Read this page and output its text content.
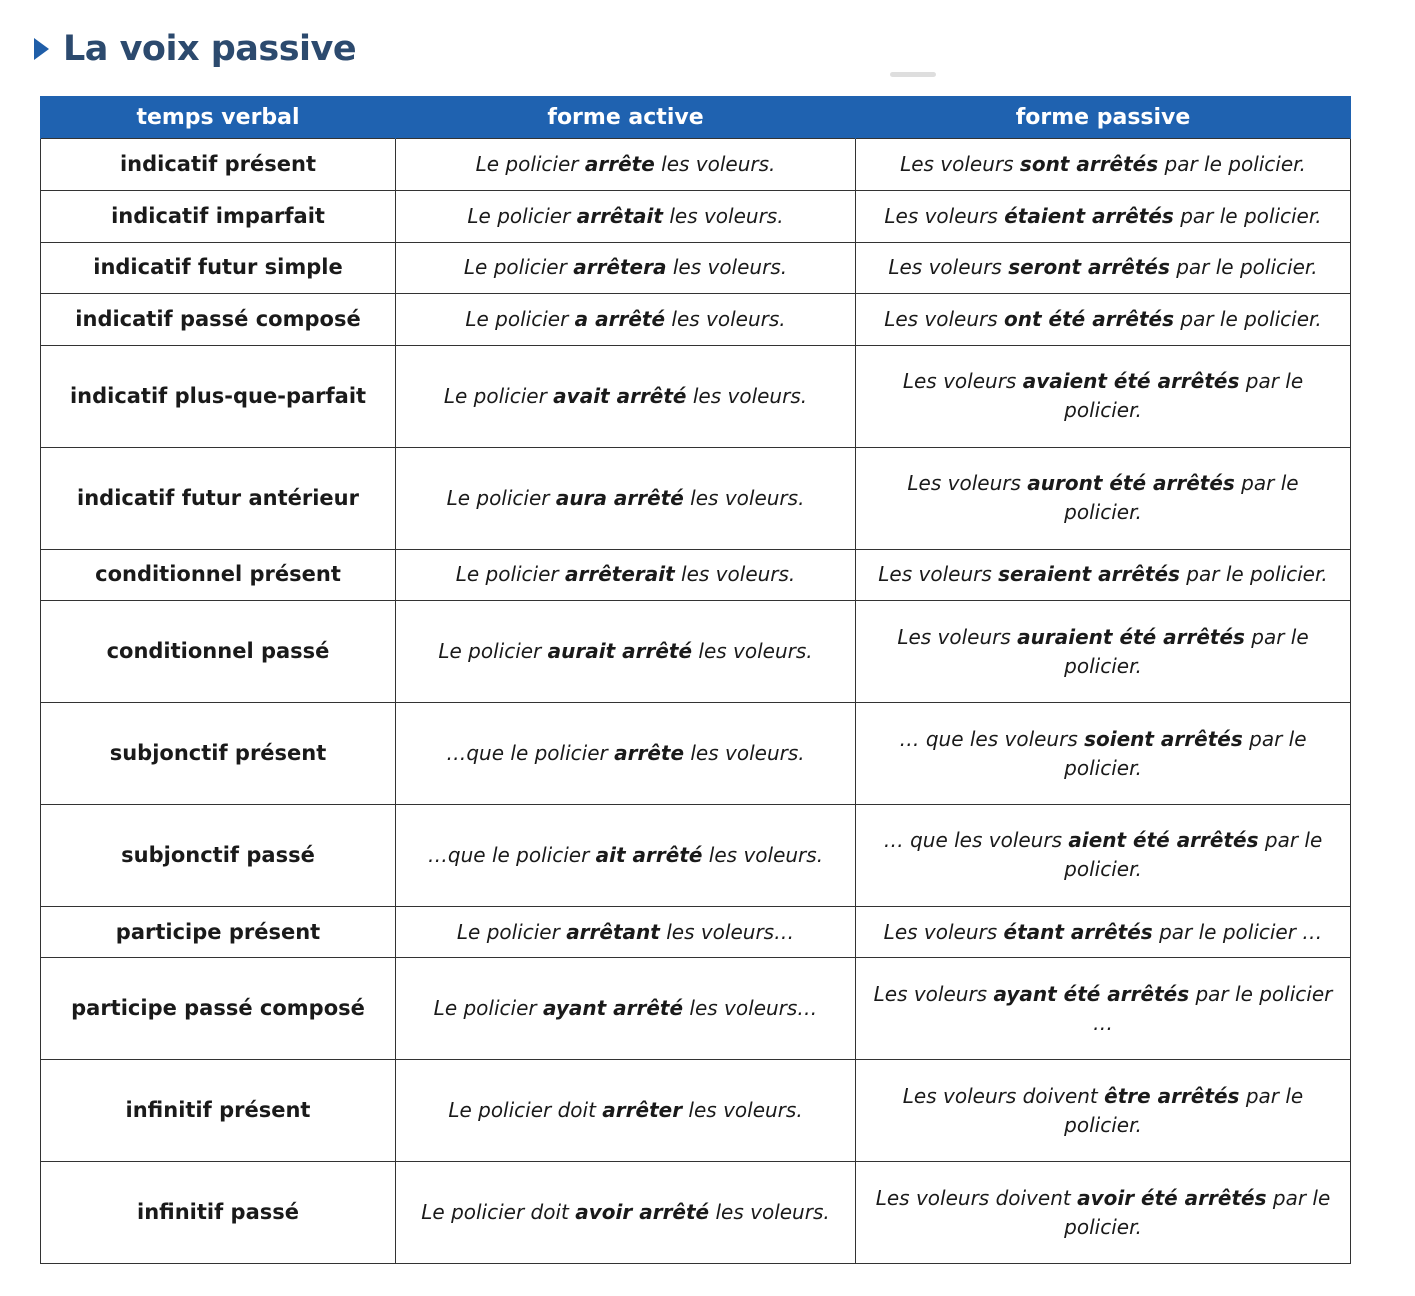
La voix passive
temps verbal	forme active	forme passive
indicatif présent	Le policier arrête les voleurs.	Les voleurs sont arrêtés par le policier.
indicatif imparfait	Le policier arrêtait les voleurs.	Les voleurs étaient arrêtés par le policier.
indicatif futur simple	Le policier arrêtera les voleurs.	Les voleurs seront arrêtés par le policier.
indicatif passé composé	Le policier a arrêté les voleurs.	Les voleurs ont été arrêtés par le policier.
indicatif plus-que-parfait	Le policier avait arrêté les voleurs.	Les voleurs avaient été arrêtés par le policier.
indicatif futur antérieur	Le policier aura arrêté les voleurs.	Les voleurs auront été arrêtés par le policier.
conditionnel présent	Le policier arrêterait les voleurs.	Les voleurs seraient arrêtés par le policier.
conditionnel passé	Le policier aurait arrêté les voleurs.	Les voleurs auraient été arrêtés par le policier.
subjonctif présent	…que le policier arrête les voleurs.	… que les voleurs soient arrêtés par le policier.
subjonctif passé	…que le policier ait arrêté les voleurs.	… que les voleurs aient été arrêtés par le policier.
participe présent	Le policier arrêtant les voleurs…	Les voleurs étant arrêtés par le policier …
participe passé composé	Le policier ayant arrêté les voleurs…	Les voleurs ayant été arrêtés par le policier …
infinitif présent	Le policier doit arrêter les voleurs.	Les voleurs doivent être arrêtés par le policier.
infinitif passé	Le policier doit avoir arrêté les voleurs.	Les voleurs doivent avoir été arrêtés par le policier.
